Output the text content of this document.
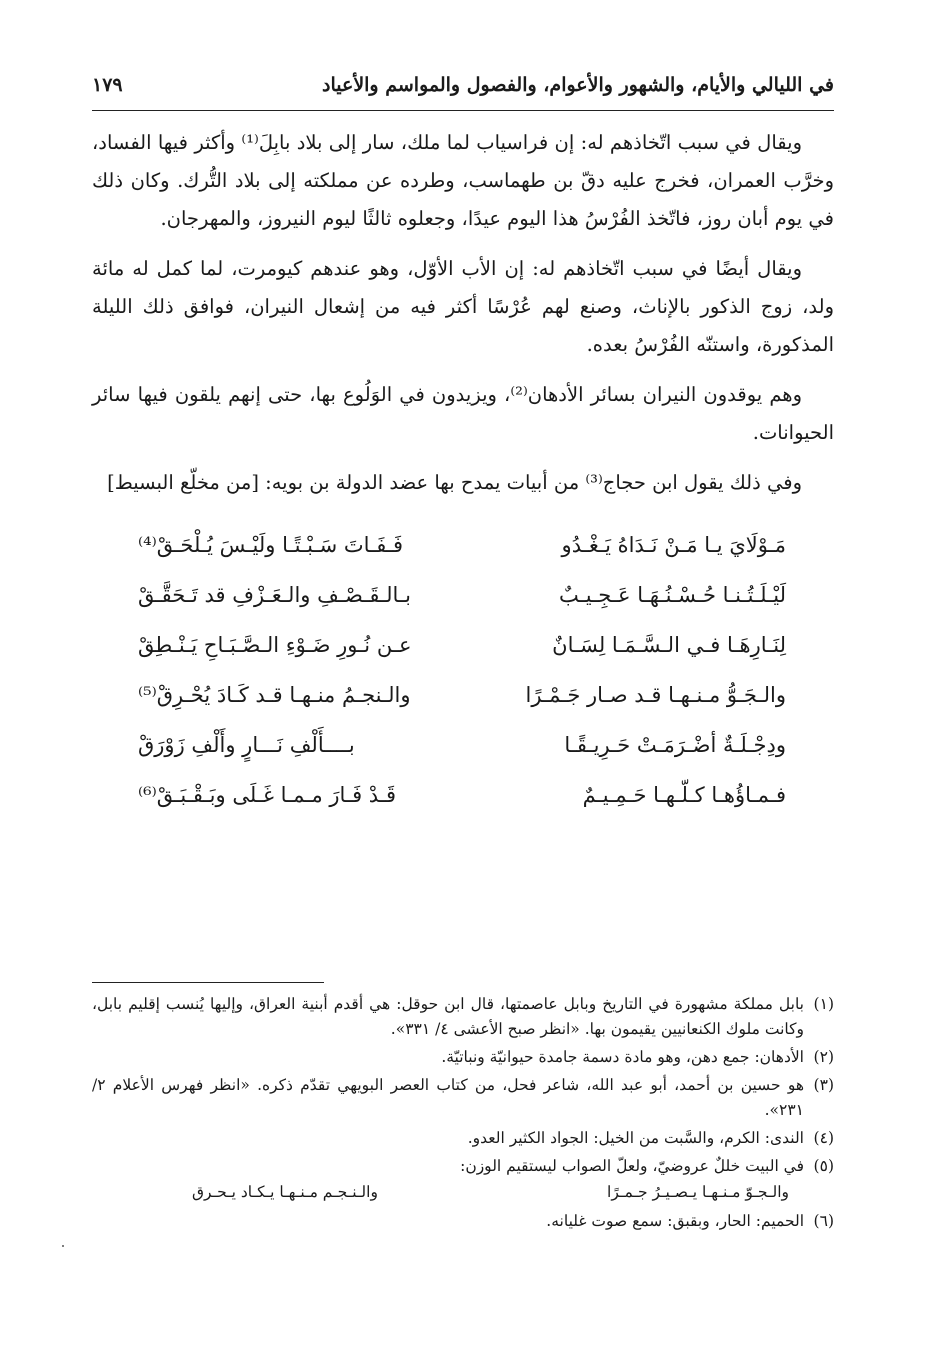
في الليالي والأيام، والشهور والأعوام، والفصول والمواسم والأعياد
١٧٩

ويقال في سبب اتّخاذهم له: إن فراسياب لما ملك، سار إلى بلاد بابِلَ⁽¹⁾ وأكثر فيها الفساد، وخرَّب العمران، فخرج عليه دقّ بن طهماسب، وطرده عن مملكته إلى بلاد التُّرك. وكان ذلك في يوم أبان روز، فاتّخذ الفُرْسُ هذا اليوم عيدًا، وجعلوه ثالثًا ليوم النيروز، والمهرجان.

ويقال أيضًا في سبب اتّخاذهم له: إن الأب الأوّل، وهو عندهم كيومرت، لما كمل له مائة ولد، زوج الذكور بالإناث، وصنع لهم عُرْسًا أكثر فيه من إشعال النيران، فوافق ذلك الليلة المذكورة، واستنّه الفُرْسُ بعده.

وهم يوقدون النيران بسائر الأدهان⁽²⁾، ويزيدون في الوَلُوع بها، حتى إنهم يلقون فيها سائر الحيوانات.

وفي ذلك يقول ابن حجاج⁽³⁾ من أبيات يمدح بها عضد الدولة بن بويه: [من مخلّع البسيط]

مَـوْلَايَ يـا مَـنْ نَـدَاهُ يَـغْـدُو
فَـفَـاتَ سَـبْـتًـا ولَيْـسَ يُـلْحَـقْ⁽⁴⁾
لَيْـلَـتُـنـا حُـسْـنُـهَـا عَـجِـيـبٌ
بـالـقَـصْـفِ والـعَـزْفِ قد تَـحَقَّـقْ
لِنَـارِهَـا فـي الـسَّـمَـا لِسَـانٌ
عـن نُـورِ ضَـوْءِ الـصَّـبَـاحِ يَـنْـطِقْ
والـجَـوُّ مـنـهـا قـد صـار جَـمْـرًا
والـنجـمُ منـهـا قـد كَـادَ يُحْـرِقْ⁽⁵⁾
ودِجْـلَـةٌ أضْـرَمَـتْ حَـرِيـقًـا
بــــأَلْفِ نَـــارٍ وأَلْفِ زَوْرَقْ
فـمـاؤُهـا كـلّـهـا حَـمِـيـمٌ
قَـدْ فَـارَ مـمـا غَـلَى وبَـقْـبَـقْ⁽⁶⁾
(١)
بابل مملكة مشهورة في التاريخ وبابل عاصمتها، قال ابن حوقل: هي أقدم أبنية العراق، وإليها يُنسب إقليم بابل، وكانت ملوك الكنعانيين يقيمون بها. «انظر صبح الأعشى ٤/ ٣٣١».
(٢)
الأدهان: جمع دهن، وهو مادة دسمة جامدة حيوانيّة ونباتيّة.
(٣)
هو حسين بن أحمد، أبو عبد الله، شاعر فحل، من كتاب العصر البويهي تقدّم ذكره. «انظر فهرس الأعلام ٢/ ٢٣١».
(٤)
الندى: الكرم، والسَّبت من الخيل: الجواد الكثير العدو.
(٥)
في البيت خللٌ عروضيّ، ولعلّ الصواب ليستقيم الوزن:
والـجـوّ مـنـهـا يـصـيـرُ جـمـرًا
والـنـجـم مـنـهـا يـكـاد يـحـرق
(٦)
الحميم: الحار، وبقبق: سمع صوت غليانه.
